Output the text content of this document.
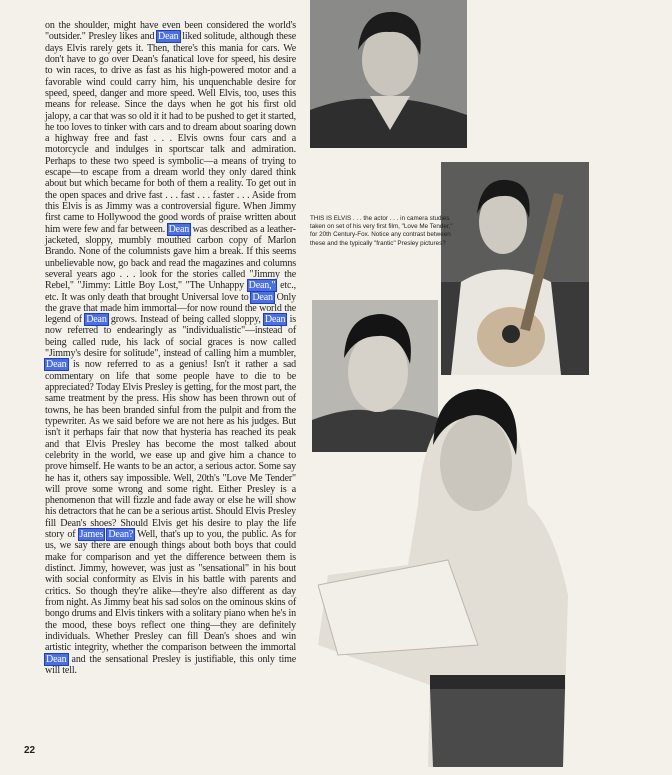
on the shoulder, might have even been considered the world's "outsider." Presley likes and Dean liked solitude, although these days Elvis rarely gets it. Then, there's this mania for cars. We don't have to go over Dean's fanatical love for speed, his desire to win races, to drive as fast as his high-powered motor and a favorable wind could carry him, his unquenchable desire for speed, speed, danger and more speed. Well Elvis, too, uses this means for release. Since the days when he got his first old jalopy, a car that was so old it it had to be pushed to get it started, he too loves to tinker with cars and to dream about soaring down a highway free and fast . . . Elvis owns four cars and a motorcycle and indulges in sportscar talk and admiration. Perhaps to these two speed is symbolic—a means of trying to escape—to escape from a dream world they only dared think about but which became for both of them a reality. To get out in the open spaces and drive fast . . . fast . . . faster . . . Aside from this Elvis is as Jimmy was a controversial figure. When Jimmy first came to Hollywood the good words of praise written about him were few and far between. Dean was described as a leather-jacketed, sloppy, mumbly mouthed carbon copy of Marlon Brando. None of the columnists gave him a break. If this seems unbelievable now, go back and read the magazines and columns several years ago . . . look for the stories called "Jimmy the Rebel," "Jimmy: Little Boy Lost," "The Unhappy Dean," etc., etc. It was only death that brought Universal love to Dean Only the grave that made him immortal—for now round the world the legend of Dean grows. Instead of being called sloppy, Dean is now referred to endearingly as "individualistic"—instead of being called rude, his lack of social graces is now called "Jimmy's desire for solitude", instead of calling him a mumbler, Dean is now referred to as a genius! Isn't it rather a sad commentary on life that some people have to die to be appreciated? Today Elvis Presley is getting, for the most part, the same treatment by the press. His show has been thrown out of towns, he has been branded sinful from the pulpit and from the typewriter. As we said before we are not here as his judges. But isn't it perhaps fair that now that hysteria has reached its peak and that Elvis Presley has become the most talked about celebrity in the world, we ease up and give him a chance to prove himself. He wants to be an actor, a serious actor. Some say he has it, others say impossible. Well, 20th's "Love Me Tender" will prove some wrong and some right. Either Presley is a phenomenon that will fizzle and fade away or else he will show his detractors that he can be a serious artist. Should Elvis Presley fill Dean's shoes? Should Elvis get his desire to play the life story of James Dean? Well, that's up to you, the public. As for us, we say there are enough things about both boys that could make for comparison and yet the difference between them is distinct. Jimmy, however, was just as "sensational" in his bout with social conformity as Elvis in his battle with parents and critics. So though they're alike—they're also different as day from night. As Jimmy beat his sad solos on the ominous skins of bongo drums and Elvis tinkers with a solitary piano when he's in the mood, these boys reflect one thing—they are definitely individuals. Whether Presley can fill Dean's shoes and win artistic integrity, whether the comparison between the immortal Dean and the sensational Presley is justifiable, this only time will tell.
22
THIS IS ELVIS . . . the actor . . . in camera studies taken on set of his very first film, "Love Me Tender," for 20th Century-Fox. Notice any contrast between these and the typically "frantic" Presley pictures?
